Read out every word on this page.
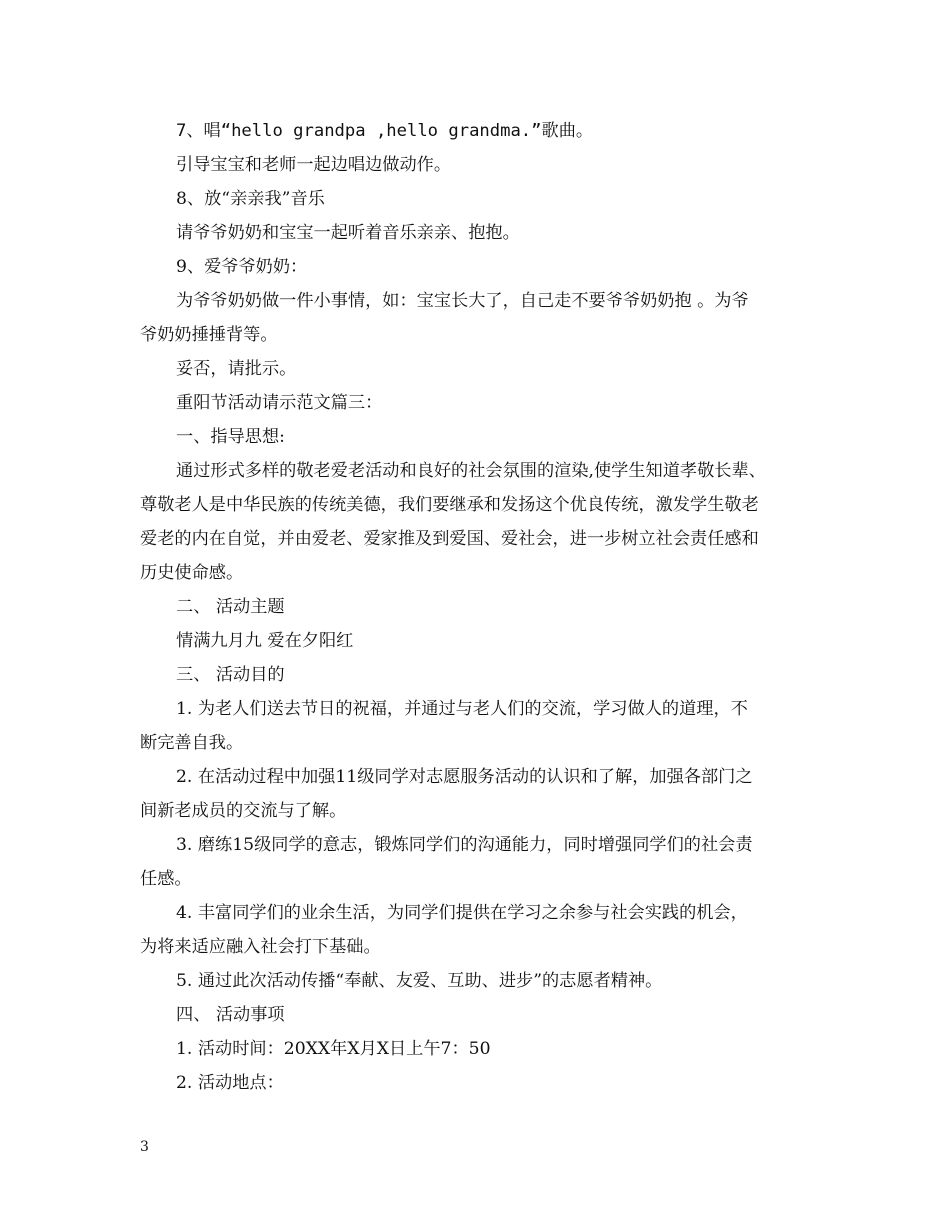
7、唱“hello grandpa ,hello grandma.”歌曲。
引导宝宝和老师一起边唱边做动作。
8、放“亲亲我”音乐
请爷爷奶奶和宝宝一起听着音乐亲亲、抱抱。
9、爱爷爷奶奶：
为爷爷奶奶做一件小事情，如：宝宝长大了，自己走不要爷爷奶奶抱 。为爷
爷奶奶捶捶背等。
妥否，请批示。
重阳节活动请示范文篇三：
一、指导思想:
通过形式多样的敬老爱老活动和良好的社会氛围的渲染,使学生知道孝敬长辈、
尊敬老人是中华民族的传统美德，我们要继承和发扬这个优良传统，激发学生敬老
爱老的内在自觉，并由爱老、爱家推及到爱国、爱社会，进一步树立社会责任感和
历史使命感。
二、 活动主题
情满九月九 爱在夕阳红
三、 活动目的
1. 为老人们送去节日的祝福，并通过与老人们的交流，学习做人的道理，不
断完善自我。
2. 在活动过程中加强11级同学对志愿服务活动的认识和了解，加强各部门之
间新老成员的交流与了解。
3. 磨练15级同学的意志，锻炼同学们的沟通能力，同时增强同学们的社会责
任感。
4. 丰富同学们的业余生活，为同学们提供在学习之余参与社会实践的机会，
为将来适应融入社会打下基础。
5. 通过此次活动传播“奉献、友爱、互助、进步”的志愿者精神。
四、 活动事项
1. 活动时间：20XX年X月X日上午7：50
2. 活动地点：
3
